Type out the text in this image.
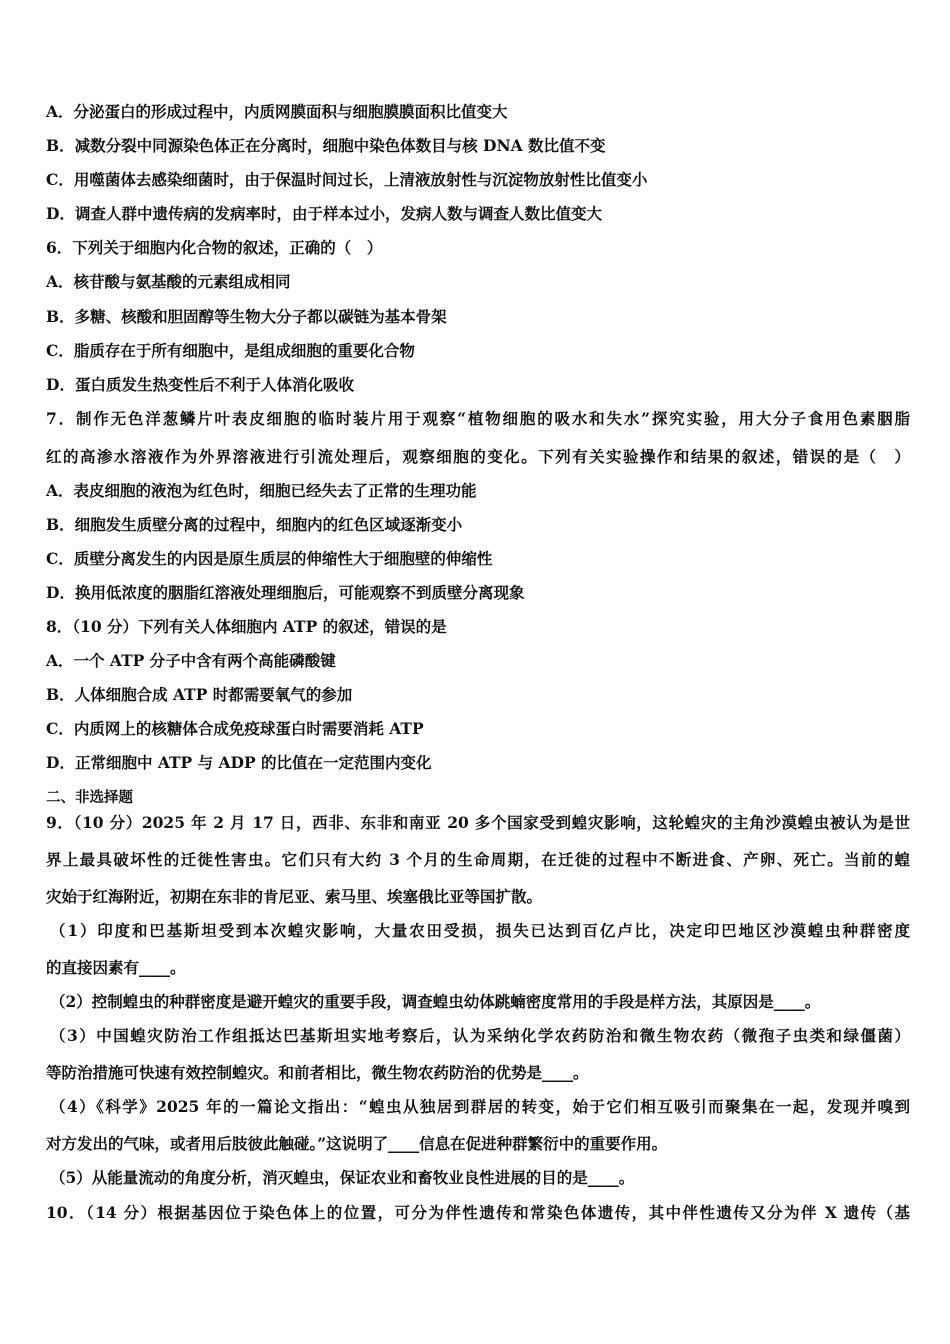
A．分泌蛋白的形成过程中，内质网膜面积与细胞膜膜面积比值变大
B．减数分裂中同源染色体正在分离时，细胞中染色体数目与核 DNA 数比值不变
C．用噬菌体去感染细菌时，由于保温时间过长，上清液放射性与沉淀物放射性比值变小
D．调查人群中遗传病的发病率时，由于样本过小，发病人数与调查人数比值变大
6．下列关于细胞内化合物的叙述，正确的（　）
A．核苷酸与氨基酸的元素组成相同
B．多糖、核酸和胆固醇等生物大分子都以碳链为基本骨架
C．脂质存在于所有细胞中，是组成细胞的重要化合物
D．蛋白质发生热变性后不利于人体消化吸收
7．制作无色洋葱鳞片叶表皮细胞的临时装片用于观察“植物细胞的吸水和失水”探究实验，用大分子食用色素胭脂
红的高渗水溶液作为外界溶液进行引流处理后，观察细胞的变化。下列有关实验操作和结果的叙述，错误的是（　）
A．表皮细胞的液泡为红色时，细胞已经失去了正常的生理功能
B．细胞发生质壁分离的过程中，细胞内的红色区域逐渐变小
C．质壁分离发生的内因是原生质层的伸缩性大于细胞壁的伸缩性
D．换用低浓度的胭脂红溶液处理细胞后，可能观察不到质壁分离现象
8．（10 分）下列有关人体细胞内 ATP 的叙述，错误的是
A．一个 ATP 分子中含有两个高能磷酸键
B．人体细胞合成 ATP 时都需要氧气的参加
C．内质网上的核糖体合成免疫球蛋白时需要消耗 ATP
D．正常细胞中 ATP 与 ADP 的比值在一定范围内变化
二、非选择题
9．（10 分）2025 年 2 月 17 日，西非、东非和南亚 20 多个国家受到蝗灾影响，这轮蝗灾的主角沙漠蝗虫被认为是世
界上最具破坏性的迁徙性害虫。它们只有大约 3 个月的生命周期，在迁徙的过程中不断进食、产卵、死亡。当前的蝗
灾始于红海附近，初期在东非的肯尼亚、索马里、埃塞俄比亚等国扩散。
（1）印度和巴基斯坦受到本次蝗灾影响，大量农田受损，损失已达到百亿卢比，决定印巴地区沙漠蝗虫种群密度
的直接因素有____。
（2）控制蝗虫的种群密度是避开蝗灾的重要手段，调查蝗虫幼体跳蝻密度常用的手段是样方法，其原因是____。
（3）中国蝗灾防治工作组抵达巴基斯坦实地考察后，认为采纳化学农药防治和微生物农药（微孢子虫类和绿僵菌）
等防治措施可快速有效控制蝗灾。和前者相比，微生物农药防治的优势是____。
（4）《科学》2025 年的一篇论文指出：“蝗虫从独居到群居的转变，始于它们相互吸引而聚集在一起，发现并嗅到
对方发出的气味，或者用后肢彼此触碰。”这说明了____信息在促进种群繁衍中的重要作用。
（5）从能量流动的角度分析，消灭蝗虫，保证农业和畜牧业良性进展的目的是____。
10．（14 分）根据基因位于染色体上的位置，可分为伴性遗传和常染色体遗传，其中伴性遗传又分为伴 X 遗传（基
